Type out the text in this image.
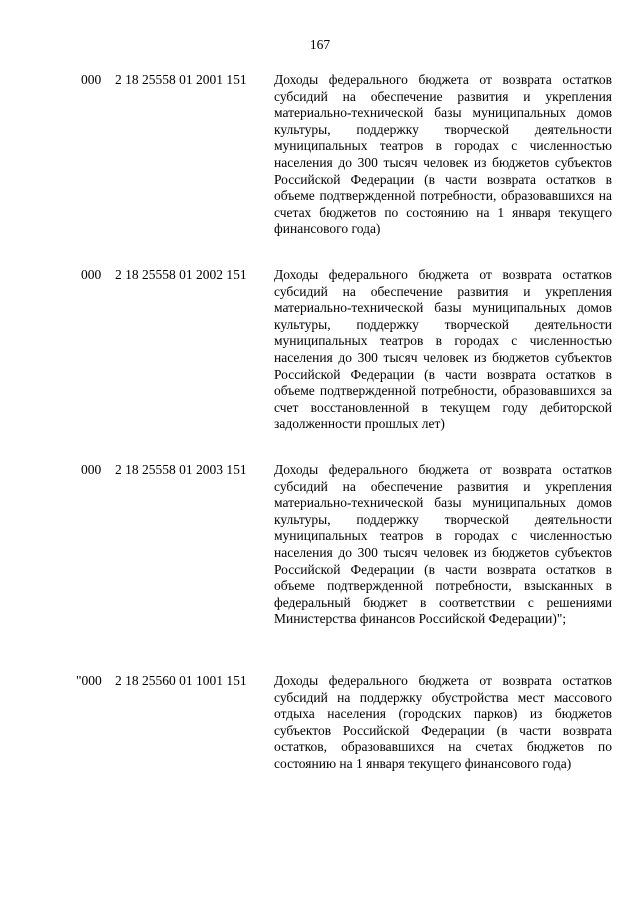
167
000 2 18 25558 01 2001 151 Доходы федерального бюджета от возврата остатков субсидий на обеспечение развития и укрепления материально-технической базы муниципальных домов культуры, поддержку творческой деятельности муниципальных театров в городах с численностью населения до 300 тысяч человек из бюджетов субъектов Российской Федерации (в части возврата остатков в объеме подтвержденной потребности, образовавшихся на счетах бюджетов по состоянию на 1 января текущего финансового года)
000 2 18 25558 01 2002 151 Доходы федерального бюджета от возврата остатков субсидий на обеспечение развития и укрепления материально-технической базы муниципальных домов культуры, поддержку творческой деятельности муниципальных театров в городах с численностью населения до 300 тысяч человек из бюджетов субъектов Российской Федерации (в части возврата остатков в объеме подтвержденной потребности, образовавшихся за счет восстановленной в текущем году дебиторской задолженности прошлых лет)
000 2 18 25558 01 2003 151 Доходы федерального бюджета от возврата остатков субсидий на обеспечение развития и укрепления материально-технической базы муниципальных домов культуры, поддержку творческой деятельности муниципальных театров в городах с численностью населения до 300 тысяч человек из бюджетов субъектов Российской Федерации (в части возврата остатков в объеме подтвержденной потребности, взысканных в федеральный бюджет в соответствии с решениями Министерства финансов Российской Федерации)";
"000 2 18 25560 01 1001 151 Доходы федерального бюджета от возврата остатков субсидий на поддержку обустройства мест массового отдыха населения (городских парков) из бюджетов субъектов Российской Федерации (в части возврата остатков, образовавшихся на счетах бюджетов по состоянию на 1 января текущего финансового года)
